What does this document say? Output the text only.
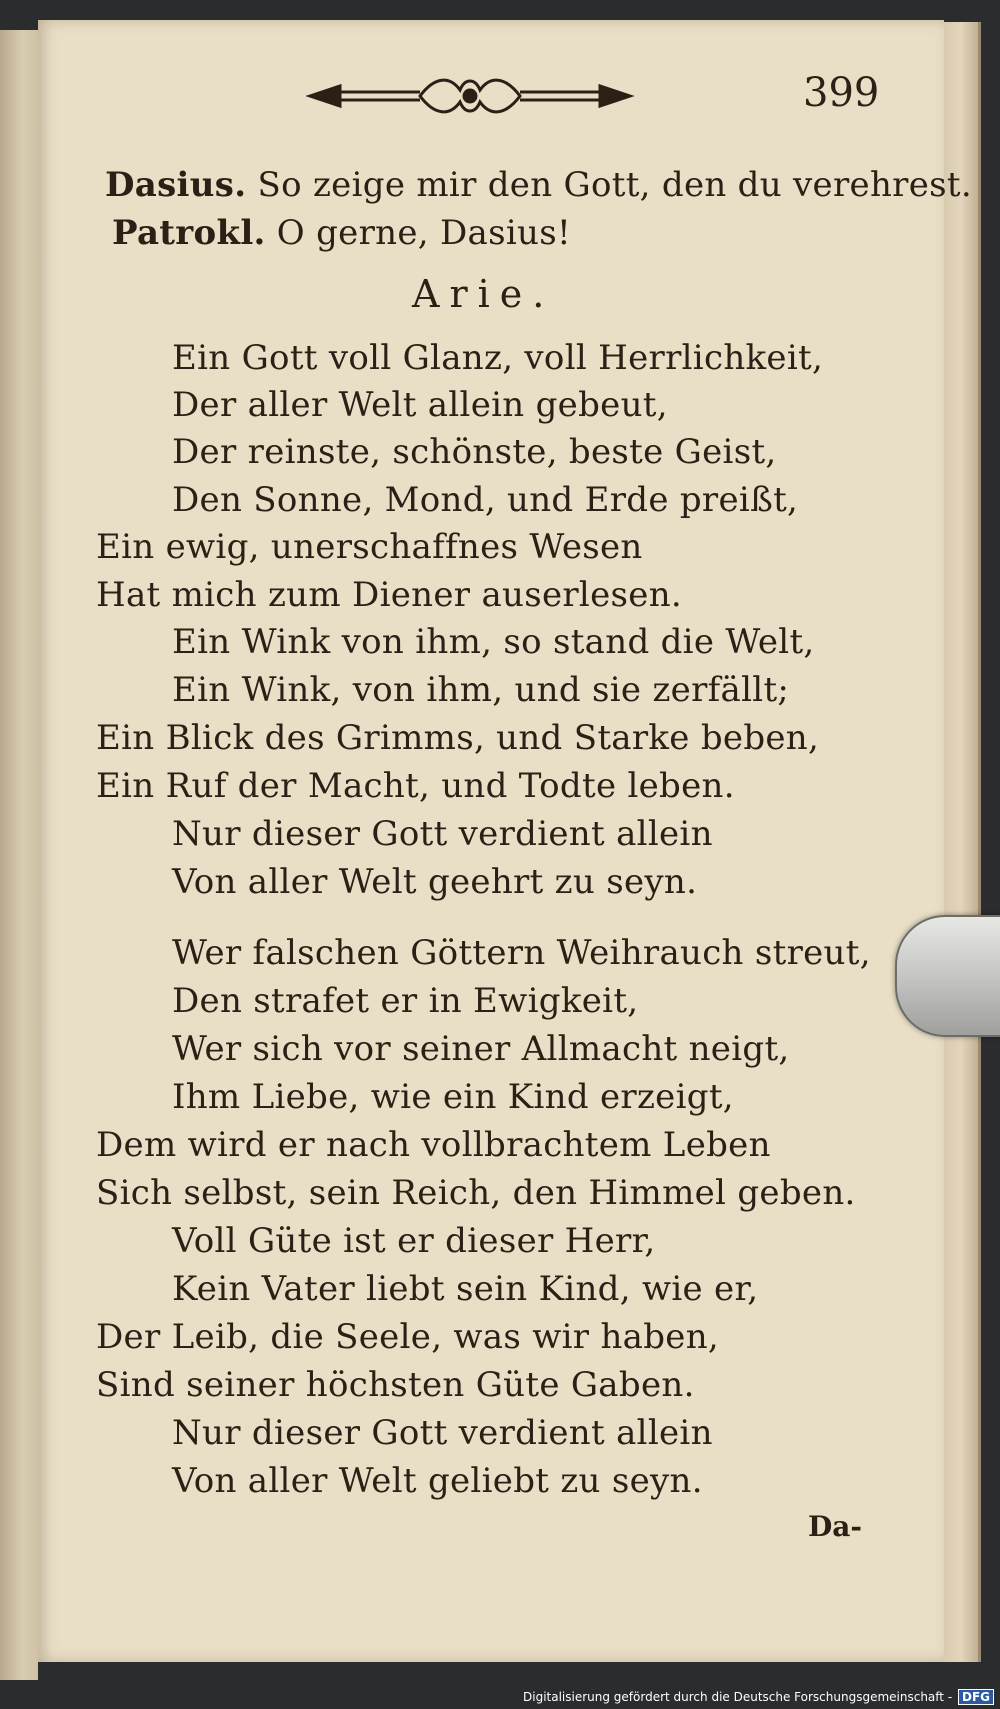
399
Dasius. So zeige mir den Gott, den du verehrest.
Patrokl. O gerne, Dasius!
Arie.
Ein Gott voll Glanz, voll Herrlichkeit,
Der aller Welt allein gebeut,
Der reinste, schönste, beste Geist,
Den Sonne, Mond, und Erde preißt,
Ein ewig, unerschaffnes Wesen
Hat mich zum Diener auserlesen.
Ein Wink von ihm, so stand die Welt,
Ein Wink, von ihm, und sie zerfällt;
Ein Blick des Grimms, und Starke beben,
Ein Ruf der Macht, und Todte leben.
Nur dieser Gott verdient allein
Von aller Welt geehrt zu seyn.
Wer falschen Göttern Weihrauch streut,
Den strafet er in Ewigkeit,
Wer sich vor seiner Allmacht neigt,
Ihm Liebe, wie ein Kind erzeigt,
Dem wird er nach vollbrachtem Leben
Sich selbst, sein Reich, den Himmel geben.
Voll Güte ist er dieser Herr,
Kein Vater liebt sein Kind, wie er,
Der Leib, die Seele, was wir haben,
Sind seiner höchsten Güte Gaben.
Nur dieser Gott verdient allein
Von aller Welt geliebt zu seyn.
Da-
Digitalisierung gefördert durch die Deutsche Forschungsgemeinschaft - DFG
